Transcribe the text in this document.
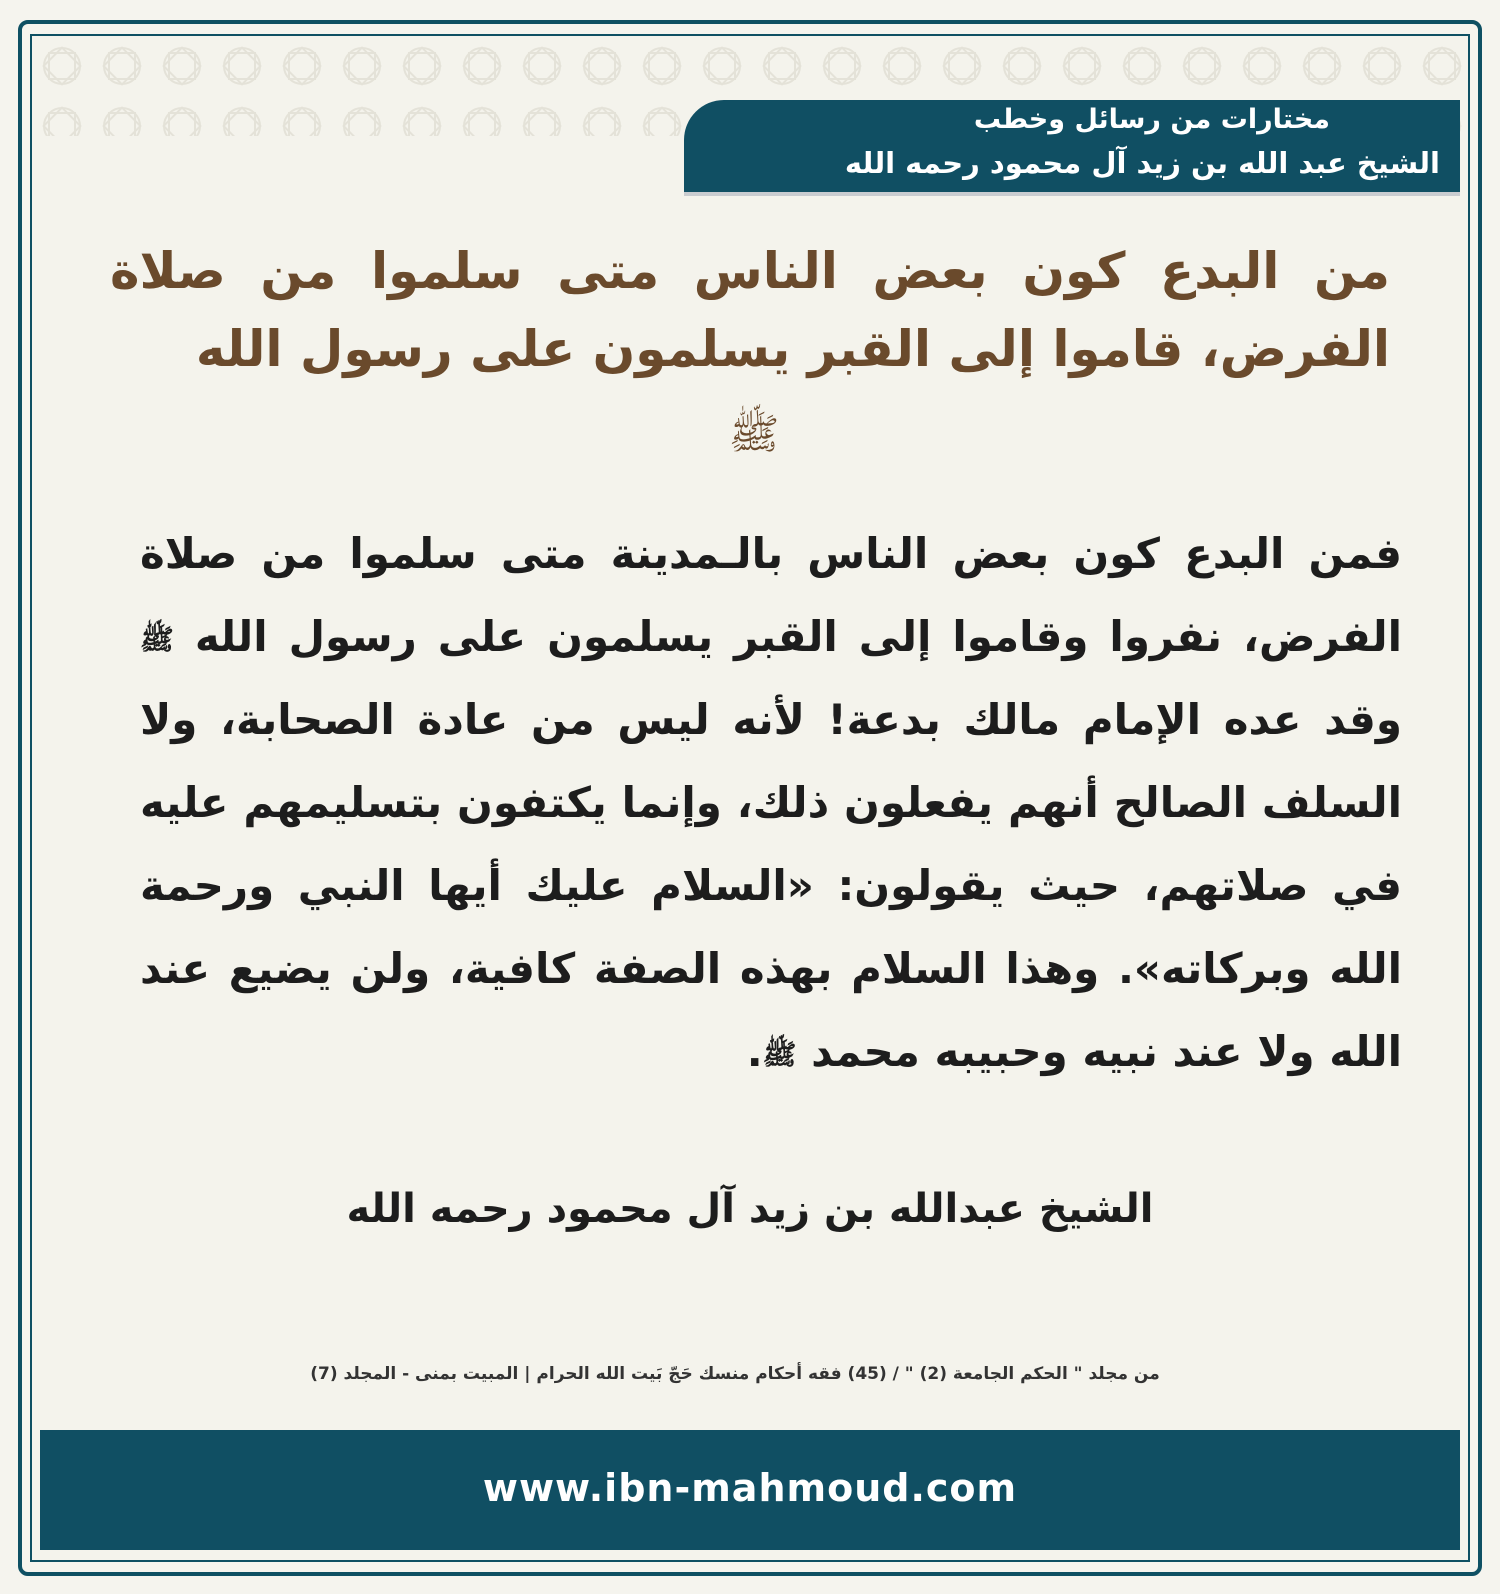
مختارات من رسائل وخطب
الشيخ عبد الله بن زيد آل محمود رحمه الله
من البدع كون بعض الناس متى سلموا من صلاة الفرض، قاموا إلى القبر يسلمون على رسول الله
ﷺ
فمن البدع كون بعض الناس بالـمدينة متى سلموا من صلاة الفرض، نفروا وقاموا إلى القبر يسلمون على رسول الله ﷺ وقد عده الإمام مالك بدعة! لأنه ليس من عادة الصحابة، ولا السلف الصالح أنهم يفعلون ذلك، وإنما يكتفون بتسليمهم عليه في صلاتهم، حيث يقولون: «السلام عليك أيها النبي ورحمة الله وبركاته». وهذا السلام بهذه الصفة كافية، ولن يضيع عند الله ولا عند نبيه وحبيبه محمد ﷺ.
الشيخ عبدالله بن زيد آل محمود رحمه الله
من مجلد " الحكم الجامعة (2) " / (45) فقه أحكام منسك حَجّ بَيت الله الحرام | المبيت بمنى - المجلد (7)
www.ibn-mahmoud.com
